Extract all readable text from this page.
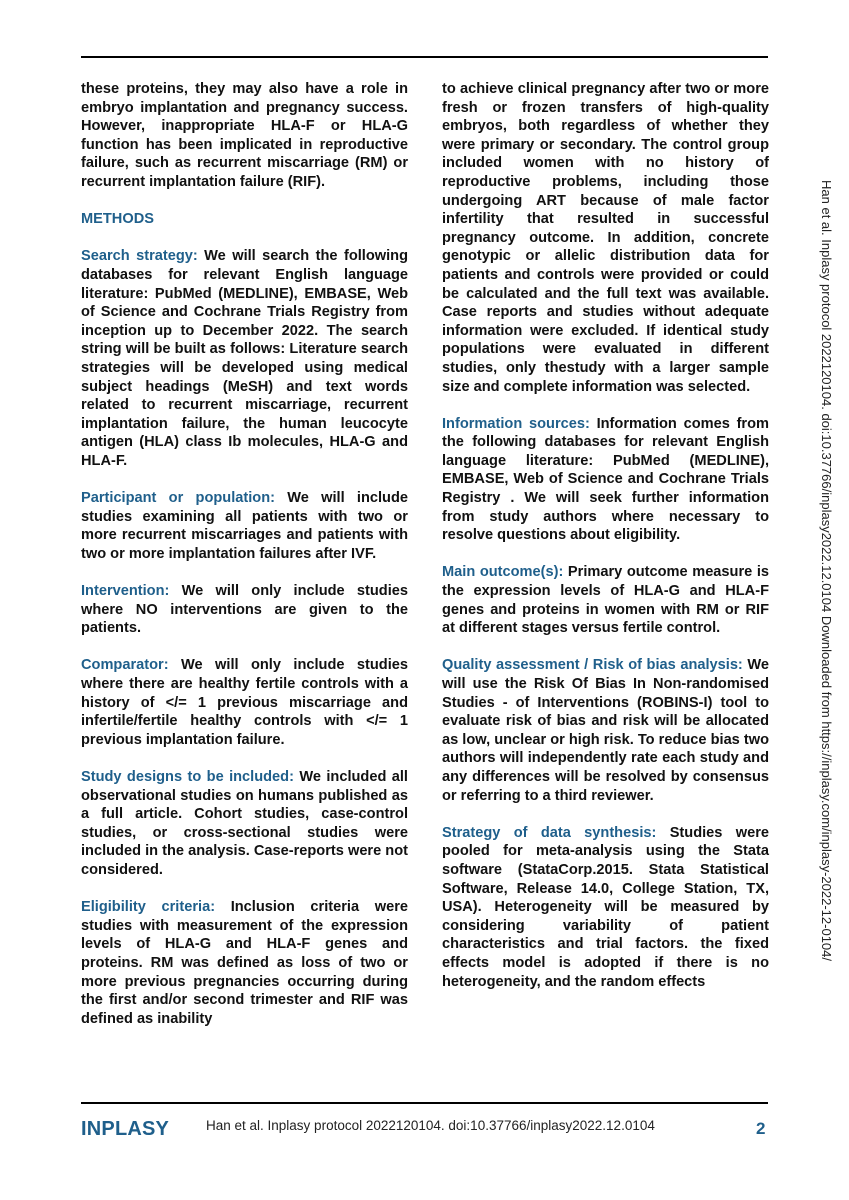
these proteins, they may also have a role in embryo implantation and pregnancy success. However, inappropriate HLA-F or HLA-G function has been implicated in reproductive failure, such as recurrent miscarriage (RM) or recurrent implantation failure (RIF).

METHODS

Search strategy: We will search the following databases for relevant English language literature: PubMed (MEDLINE), EMBASE, Web of Science and Cochrane Trials Registry from inception up to December 2022. The search string will be built as follows: Literature search strategies will be developed using medical subject headings (MeSH) and text words related to recurrent miscarriage, recurrent implantation failure, the human leucocyte antigen (HLA) class Ib molecules, HLA-G and HLA-F.

Participant or population: We will include studies examining all patients with two or more recurrent miscarriages and patients with two or more implantation failures after IVF.

Intervention: We will only include studies where NO interventions are given to the patients.

Comparator: We will only include studies where there are healthy fertile controls with a history of </= 1 previous miscarriage and infertile/fertile healthy controls with </= 1 previous implantation failure.

Study designs to be included: We included all observational studies on humans published as a full article. Cohort studies, case-control studies, or cross-sectional studies were included in the analysis. Case-reports were not considered.

Eligibility criteria: Inclusion criteria were studies with measurement of the expression levels of HLA-G and HLA-F genes and proteins. RM was defined as loss of two or more previous pregnancies occurring during the first and/or second trimester and RIF was defined as inability

to achieve clinical pregnancy after two or more fresh or frozen transfers of high-quality embryos, both regardless of whether they were primary or secondary. The control group included women with no history of reproductive problems, including those undergoing ART because of male factor infertility that resulted in successful pregnancy outcome. In addition, concrete genotypic or allelic distribution data for patients and controls were provided or could be calculated and the full text was available. Case reports and studies without adequate information were excluded. If identical study populations were evaluated in different studies, only thestudy with a larger sample size and complete information was selected.

Information sources: Information comes from the following databases for relevant English language literature: PubMed (MEDLINE), EMBASE, Web of Science and Cochrane Trials Registry . We will seek further information from study authors where necessary to resolve questions about eligibility.

Main outcome(s): Primary outcome measure is the expression levels of HLA-G and HLA-F genes and proteins in women with RM or RIF at different stages versus fertile control.

Quality assessment / Risk of bias analysis: We will use the Risk Of Bias In Non-randomised Studies - of Interventions (ROBINS-I) tool to evaluate risk of bias and risk will be allocated as low, unclear or high risk. To reduce bias two authors will independently rate each study and any differences will be resolved by consensus or referring to a third reviewer.

Strategy of data synthesis: Studies were pooled for meta-analysis using the Stata software (StataCorp.2015. Stata Statistical Software, Release 14.0, College Station, TX, USA). Heterogeneity will be measured by considering variability of patient characteristics and trial factors. the fixed effects model is adopted if there is no heterogeneity, and the random effects

Han et al. Inplasy protocol 2022120104. doi:10.37766/inplasy2022.12.0104 Downloaded from https://inplasy.com/inplasy-2022-12-0104/
INPLASY	Han et al. Inplasy protocol 2022120104. doi:10.37766/inplasy2022.12.0104	2
